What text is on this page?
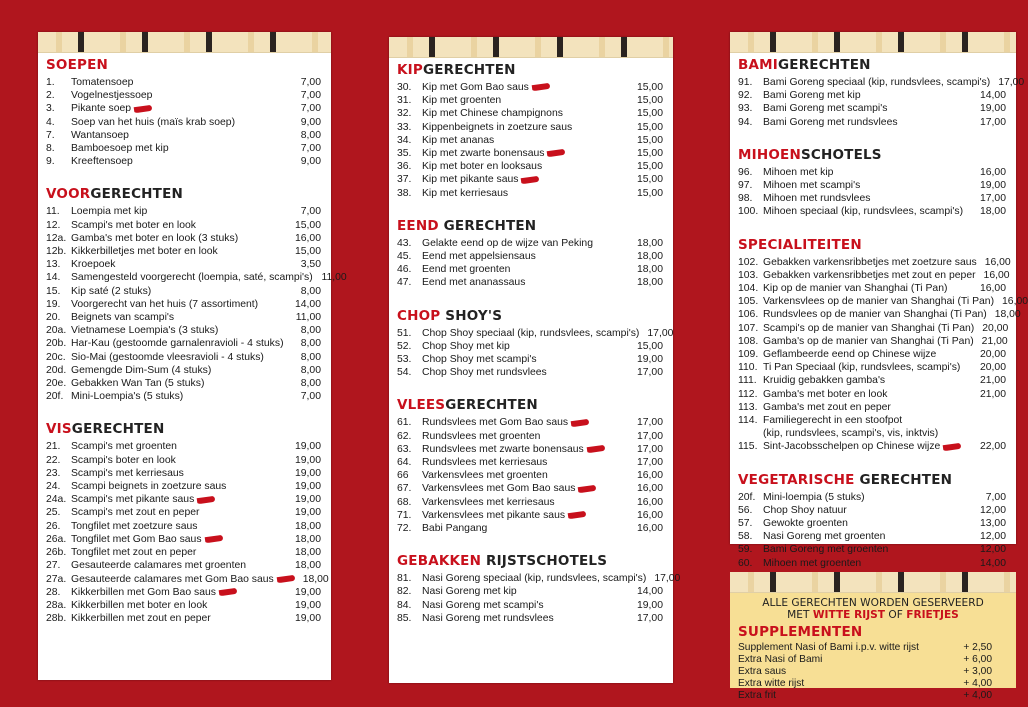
SOEPEN
1.	Tomatensoep	7,00
2.	Vogelnestjessoep	7,00
3.	Pikante soep	7,00
4.	Soep van het huis (maïs krab soep)	9,00
7.	Wantansoep	8,00
8.	Bamboesoep met kip	7,00
9.	Kreeftensoep	9,00
VOORGERECHTEN
11.	Loempia met kip	7,00
12.	Scampi's met boter en look	15,00
12a. Gamba's met boter en look (3 stuks)	16,00
12b. Kikkerbilletjes met boter en look	15,00
13.	Kroepoek	3,50
14.	Samengesteld voorgerecht (loempia, saté, scampi's) 11,00
15.	Kip saté (2 stuks)	8,00
19.	Voorgerecht van het huis (7 assortiment)	14,00
20.	Beignets van scampi's	11,00
20a. Vietnamese Loempia's (3 stuks)	8,00
20b. Har-Kau (gestoomde garnalenravioli - 4 stuks)	8,00
20c. Sio-Mai (gestoomde vleesravioli - 4 stuks)	8,00
20d. Gemengde Dim-Sum (4 stuks)	8,00
20e. Gebakken Wan Tan (5 stuks)	8,00
20f. Mini-Loempia's (5 stuks)	7,00
VISGERECHTEN
21.	Scampi's met groenten	19,00
22.	Scampi's boter en look	19,00
23.	Scampi's met kerriesaus	19,00
24.	Scampi beignets in zoetzure saus	19,00
24a. Scampi's met pikante saus	19,00
25.	Scampi's met zout en peper	19,00
26.	Tongfilet met zoetzure saus	18,00
26a. Tongfilet met Gom Bao saus	18,00
26b. Tongfilet met zout en peper	18,00
27.	Gesauteerde calamares met groenten	18,00
27a. Gesauteerde calamares met Gom Bao saus	18,00
28.	Kikkerbillen met Gom Bao saus	19,00
28a. Kikkerbillen met boter en look	19,00
28b. Kikkerbillen met zout en peper	19,00
KIPGERECHTEN
30.	Kip met Gom Bao saus	15,00
31.	Kip met groenten	15,00
32.	Kip met Chinese champignons	15,00
33.	Kippenbeignets in zoetzure saus	15,00
34.	Kip met ananas	15,00
35.	Kip met zwarte bonensaus	15,00
36.	Kip met boter en looksaus	15,00
37.	Kip met pikante saus	15,00
38.	Kip met kerriesaus	15,00
EEND GERECHTEN
43.	Gelakte eend op de wijze van Peking	18,00
45.	Eend met appelsiensaus	18,00
46.	Eend met groenten	18,00
47.	Eend met ananassaus	18,00
CHOP SHOY'S
51.	Chop Shoy speciaal (kip, rundsvlees, scampi's) 17,00
52.	Chop Shoy met kip	15,00
53.	Chop Shoy met scampi's	19,00
54.	Chop Shoy met rundsvlees	17,00
VLEESGERECHTEN
61.	Rundsvlees met Gom Bao saus	17,00
62.	Rundsvlees met groenten	17,00
63.	Rundsvlees met zwarte bonensaus	17,00
64.	Rundsvlees met kerriesaus	17,00
66	Varkensvlees met groenten	16,00
67.	Varkensvlees met Gom Bao saus	16,00
68.	Varkensvlees met kerriesaus	16,00
71.	Varkensvlees met pikante saus	16,00
72.	Babi Pangang	16,00
GEBAKKEN RIJSTSCHOTELS
81.	Nasi Goreng speciaal (kip, rundsvlees, scampi's) 17,00
82.	Nasi Goreng met kip	14,00
84.	Nasi Goreng met scampi's	19,00
85.	Nasi Goreng met rundsvlees	17,00
BAMIGERECHTEN
91.	Bami Goreng speciaal (kip, rundsvlees, scampi's) 17,00
92.	Bami Goreng met kip	14,00
93.	Bami Goreng met scampi's	19,00
94.	Bami Goreng met rundsvlees	17,00
MIHOENSCHOTELS
96.	Mihoen met kip	16,00
97.	Mihoen met scampi's	19,00
98.	Mihoen met rundsvlees	17,00
100. Mihoen speciaal (kip, rundsvlees, scampi's)	18,00
SPECIALITEITEN
102. Gebakken varkensribbetjes met zoetzure saus 16,00
103. Gebakken varkensribbetjes met zout en peper 16,00
104. Kip op de manier van Shanghai (Ti Pan)	16,00
105. Varkensvlees op de manier van Shanghai (Ti Pan) 16,00
106. Rundsvlees op de manier van Shanghai (Ti Pan) 18,00
107. Scampi's op de manier van Shanghai (Ti Pan) 20,00
108. Gamba's op de manier van Shanghai (Ti Pan) 21,00
109. Geflambeerde eend op Chinese wijze	20,00
110. Ti Pan Speciaal (kip, rundsvlees, scampi's)	20,00
111. Kruidig gebakken gamba's	21,00
112. Gamba's met boter en look	21,00
113. Gamba's met zout en peper
114. Familiegerecht in een stoofpot
(kip, rundsvlees, scampi's, vis, inktvis)
115. Sint-Jacobsschelpen op Chinese wijze	22,00
VEGETARISCHE GERECHTEN
20f. Mini-loempia (5 stuks)	7,00
56.	Chop Shoy natuur	12,00
57.	Gewokte groenten	13,00
58.	Nasi Goreng met groenten	12,00
59.	Bami Goreng met groenten	12,00
60.	Mihoen met groenten	14,00
ALLE GERECHTEN WORDEN GESERVEERD
MET WITTE RIJST OF FRIETJES
SUPPLEMENTEN
Supplement Nasi of Bami i.p.v. witte rijst	+ 2,50
Extra Nasi of Bami	+ 6,00
Extra saus	+ 3,00
Extra witte rijst	+ 4,00
Extra frit	+ 4,00
